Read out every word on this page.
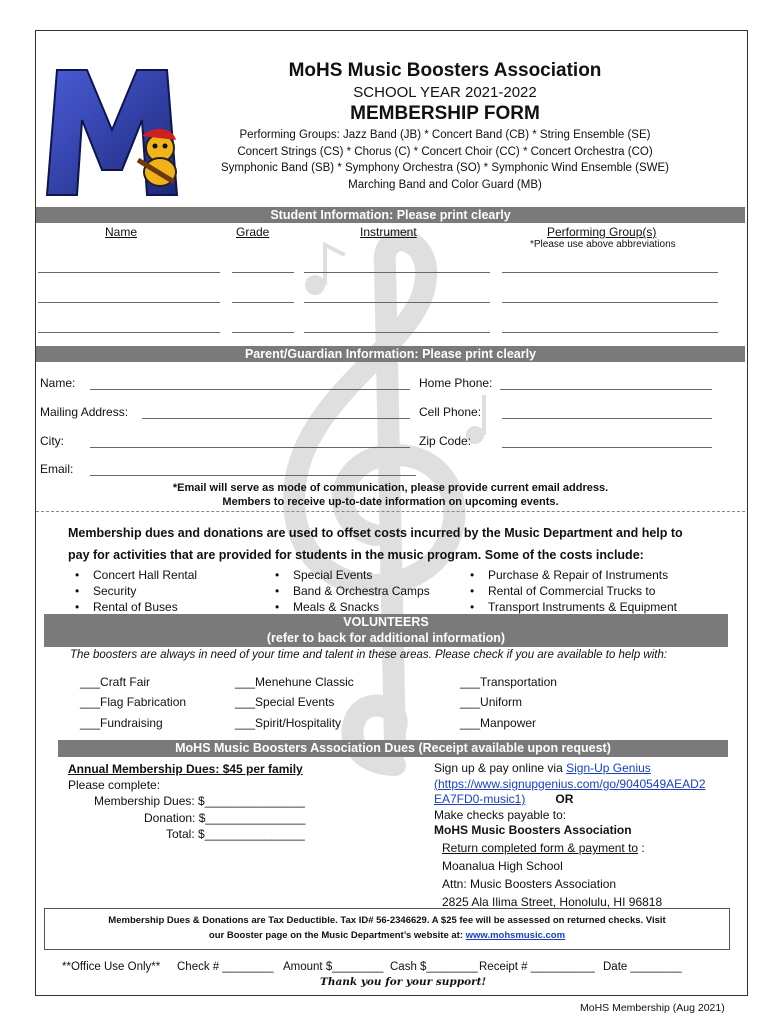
MoHS Music Boosters Association
SCHOOL YEAR 2021-2022
MEMBERSHIP FORM
Performing Groups: Jazz Band (JB) * Concert Band (CB) * String Ensemble (SE)
Concert Strings (CS) * Chorus (C) * Concert Choir (CC) * Concert Orchestra (CO)
Symphonic Band (SB) * Symphony Orchestra (SO) * Symphonic Wind Ensemble (SWE)
Marching Band and Color Guard (MB)
Student Information: Please print clearly
Name	Grade	Instrument	Performing Group(s)
*Please use above abbreviations
Parent/Guardian Information: Please print clearly
Name:	Home Phone:
Mailing Address:	Cell Phone:
City:	Zip Code:
Email:
*Email will serve as mode of communication, please provide current email address.
Members to receive up-to-date information on upcoming events.
Membership dues and donations are used to offset costs incurred by the Music Department and help to
pay for activities that are provided for students in the music program. Some of the costs include:
• Concert Hall Rental
• Security
• Rental of Buses
• Special Events
• Band & Orchestra Camps
• Meals & Snacks
• Purchase & Repair of Instruments
• Rental of Commercial Trucks to
• Transport Instruments & Equipment
VOLUNTEERS
(refer to back for additional information)
The boosters are always in need of your time and talent in these areas. Please check if you are available to help with:
___Craft Fair	___Menehune Classic	___Transportation
___Flag Fabrication	___Special Events	___Uniform
___Fundraising	___Spirit/Hospitality	___Manpower
MoHS Music Boosters Association Dues (Receipt available upon request)
Annual Membership Dues: $45 per family
Please complete:
Membership Dues: $_______________
Donation: $_______________
Total: $_______________
Sign up & pay online via Sign-Up Genius
(https://www.signupgenius.com/go/9040549AEAD2
EA7FD0-music1)	OR
Make checks payable to:
MoHS Music Boosters Association
Return completed form & payment to :
Moanalua High School
Attn: Music Boosters Association
2825 Ala Ilima Street, Honolulu, HI 96818
Membership Dues & Donations are Tax Deductible. Tax ID# 56-2346629. A $25 fee will be assessed on returned checks. Visit
our Booster page on the Music Department’s website at: www.mohsmusic.com
**Office Use Only** Check # ________ Amount $________ Cash $________ Receipt # __________ Date ________
Thank you for your support!
MoHS Membership (Aug 2021)
